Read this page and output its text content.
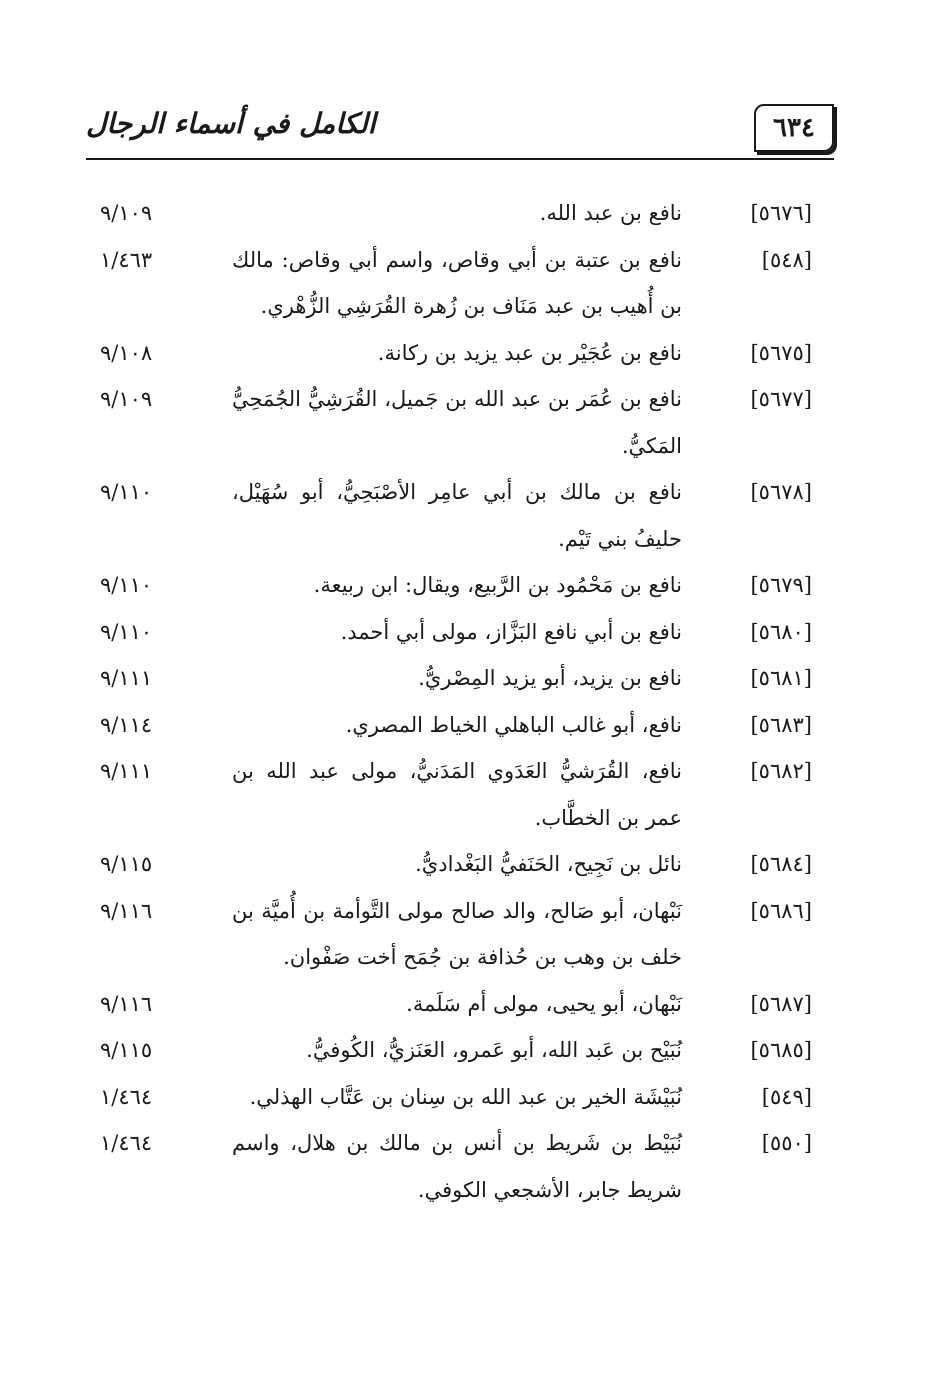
الكامل في أسماء الرجال	٦٣٤
[٥٦٧٦]
نافع بن عبد الله.
٩/١٠٩
[٥٤٨]
نافع بن عتبة بن أبي وقاص، واسم أبي وقاص: مالك بن أُهيب بن عبد مَنَاف بن زُهرة القُرَشِي الزُّهْري.
١/٤٦٣
[٥٦٧٥]
نافع بن عُجَيْر بن عبد يزيد بن ركانة.
٩/١٠٨
[٥٦٧٧]
نافع بن عُمَر بن عبد الله بن جَميل، القُرَشِيُّ الجُمَحِيُّ المَكيُّ.
٩/١٠٩
[٥٦٧٨]
نافع بن مالك بن أبي عامِر الأصْبَحِيُّ، أبو سُهَيْل، حليفُ بني تَيْم.
٩/١١٠
[٥٦٧٩]
نافع بن مَحْمُود بن الرَّبيع، ويقال: ابن ربيعة.
٩/١١٠
[٥٦٨٠]
نافع بن أبي نافع البَزَّاز، مولى أبي أحمد.
٩/١١٠
[٥٦٨١]
نافع بن يزيد، أبو يزيد المِصْريُّ.
٩/١١١
[٥٦٨٣]
نافع، أبو غالب الباهلي الخياط المصري.
٩/١١٤
[٥٦٨٢]
نافع، القُرَشيُّ العَدَوي المَدَنيُّ، مولى عبد الله بن عمر بن الخطَّاب.
٩/١١١
[٥٦٨٤]
نائل بن نَجِيح، الحَنَفيُّ البَغْداديُّ.
٩/١١٥
[٥٦٨٦]
نَبْهان، أبو صَالح، والد صالح مولى التَّوأمة بن أُميَّة بن خلف بن وهب بن حُذافة بن جُمَح أخت صَفْوان.
٩/١١٦
[٥٦٨٧]
نَبْهان، أبو يحيى، مولى أم سَلَمة.
٩/١١٦
[٥٦٨٥]
نُبَيْح بن عَبد الله، أبو عَمرو، العَنَزيُّ، الكُوفيُّ.
٩/١١٥
[٥٤٩]
نُبَيْشَة الخير بن عبد الله بن سِنان بن عَتَّاب الهذلي.
١/٤٦٤
[٥٥٠]
نُبَيْط بن شَريط بن أنس بن مالك بن هلال، واسم شريط جابر، الأشجعي الكوفي.
١/٤٦٤
